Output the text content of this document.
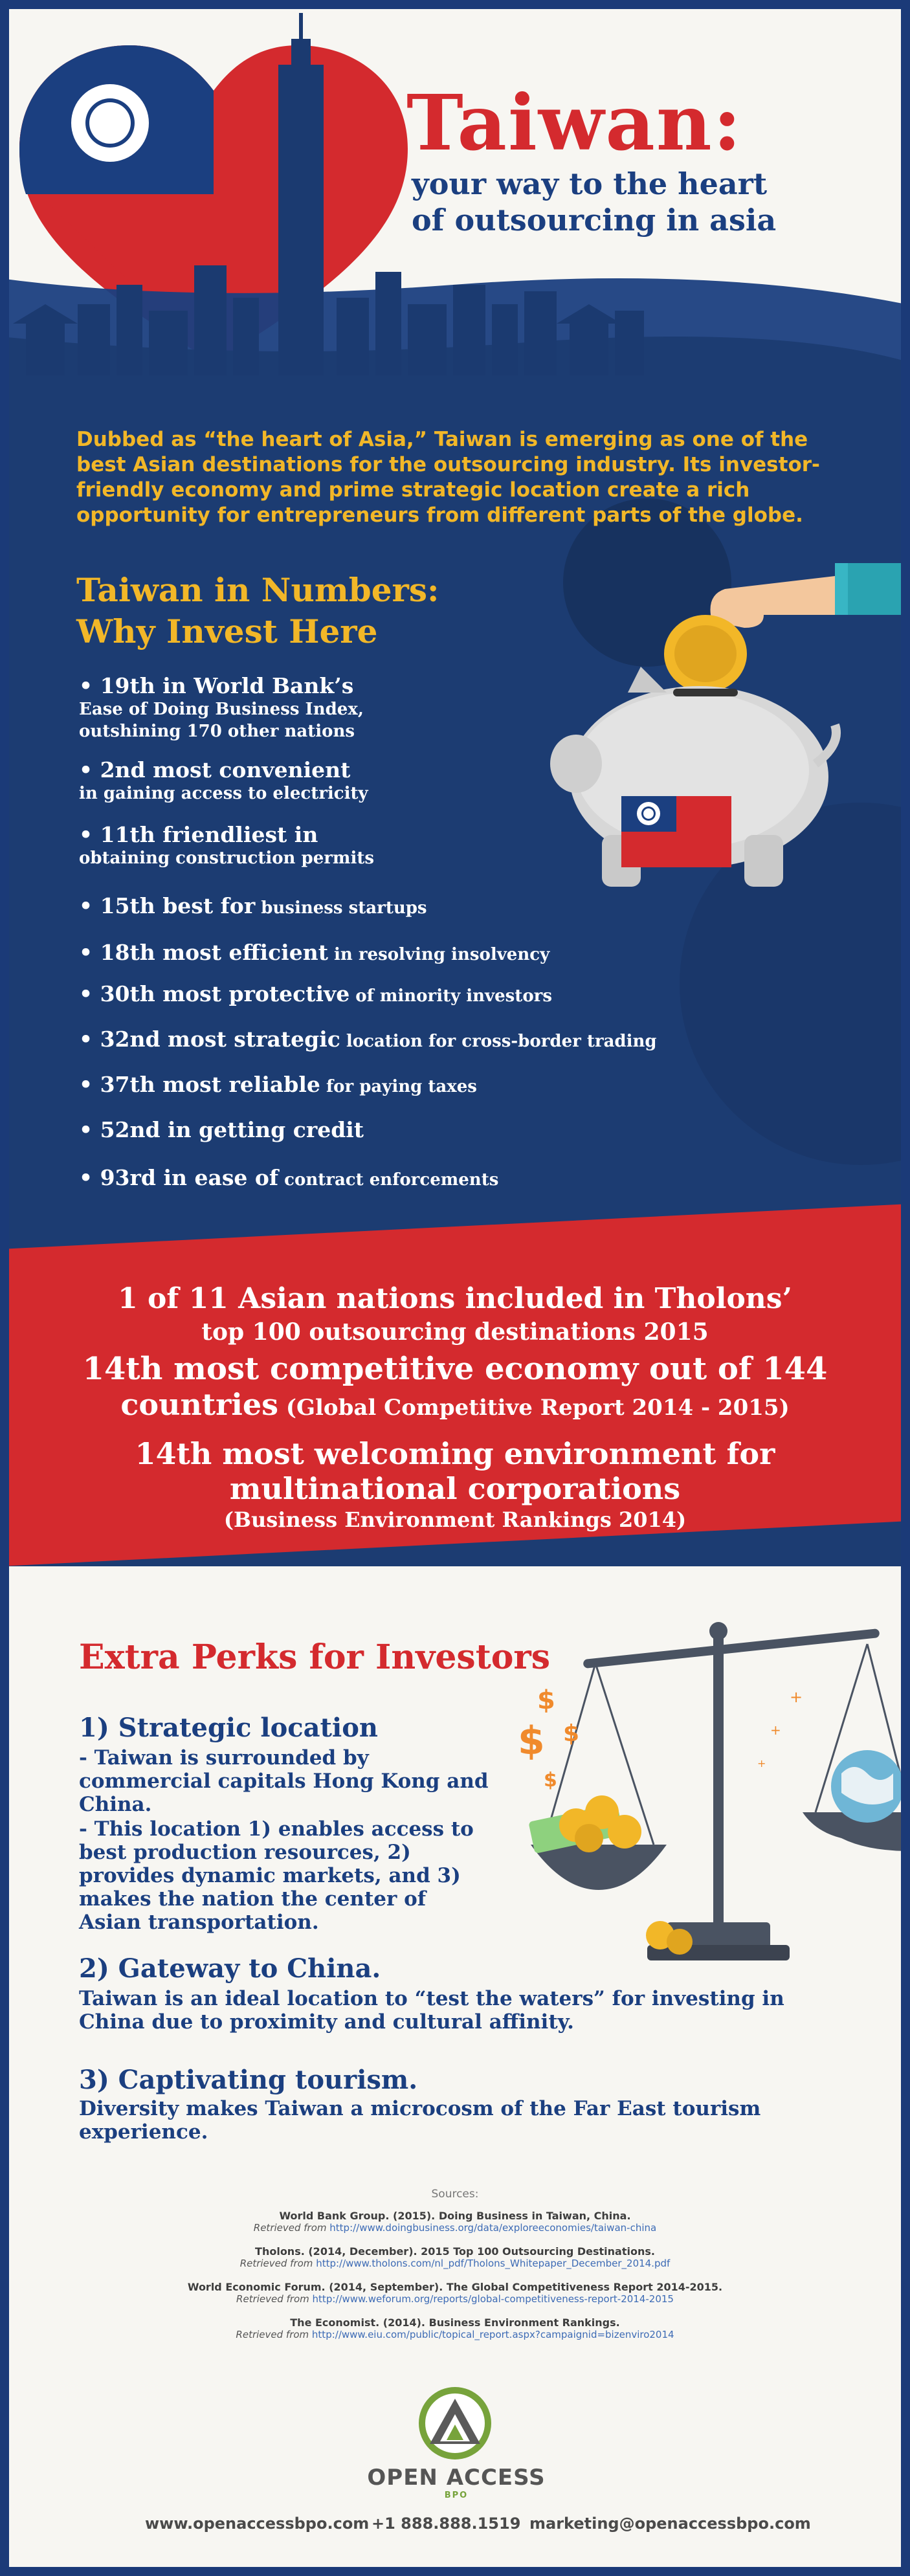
Taiwan:
your way to the heart
of outsourcing in asia
Dubbed as “the heart of Asia,” Taiwan is emerging as one of the best Asian destinations for the outsourcing industry. Its investor-friendly economy and prime strategic location create a rich opportunity for entrepreneurs from different parts of the globe.
Taiwan in Numbers:
Why Invest Here
• 19th in World Bank’s
Ease of Doing Business Index,
outshining 170 other nations
• 2nd most convenient
in gaining access to electricity
• 11th friendliest in
obtaining construction permits
• 15th best for business startups
• 18th most efficient in resolving insolvency
• 30th most protective of minority investors
• 32nd most strategic location for cross-border trading
• 37th most reliable for paying taxes
• 52nd in getting credit
• 93rd in ease of contract enforcements
1 of 11 Asian nations included in Tholons’
top 100 outsourcing destinations 2015
14th most competitive economy out of 144
countries (Global Competitive Report 2014 - 2015)
14th most welcoming environment for
multinational corporations
(Business Environment Rankings 2014)
Extra Perks for Investors
1) Strategic location
- Taiwan is surrounded by commercial capitals Hong Kong and China.
- This location 1) enables access to best production resources, 2) provides dynamic markets, and 3) makes the nation the center of Asian transportation.
2) Gateway to China.
Taiwan is an ideal location to “test the waters” for investing in China due to proximity and cultural affinity.
3) Captivating tourism.
Diversity makes Taiwan a microcosm of the Far East tourism experience.
$
$ $
$
+
+
+
Sources:
World Bank Group. (2015). Doing Business in Taiwan, China.
Retrieved from http://www.doingbusiness.org/data/exploreeconomies/taiwan-china
Tholons. (2014, December). 2015 Top 100 Outsourcing Destinations.
Retrieved from http://www.tholons.com/nl_pdf/Tholons_Whitepaper_December_2014.pdf
World Economic Forum. (2014, September). The Global Competitiveness Report 2014-2015.
Retrieved from http://www.weforum.org/reports/global-competitiveness-report-2014-2015
The Economist. (2014). Business Environment Rankings.
Retrieved from http://www.eiu.com/public/topical_report.aspx?campaignid=bizenviro2014
OPEN ACCESS
BPO
www.openaccessbpo.com +1 888.888.1519 marketing@openaccessbpo.com
